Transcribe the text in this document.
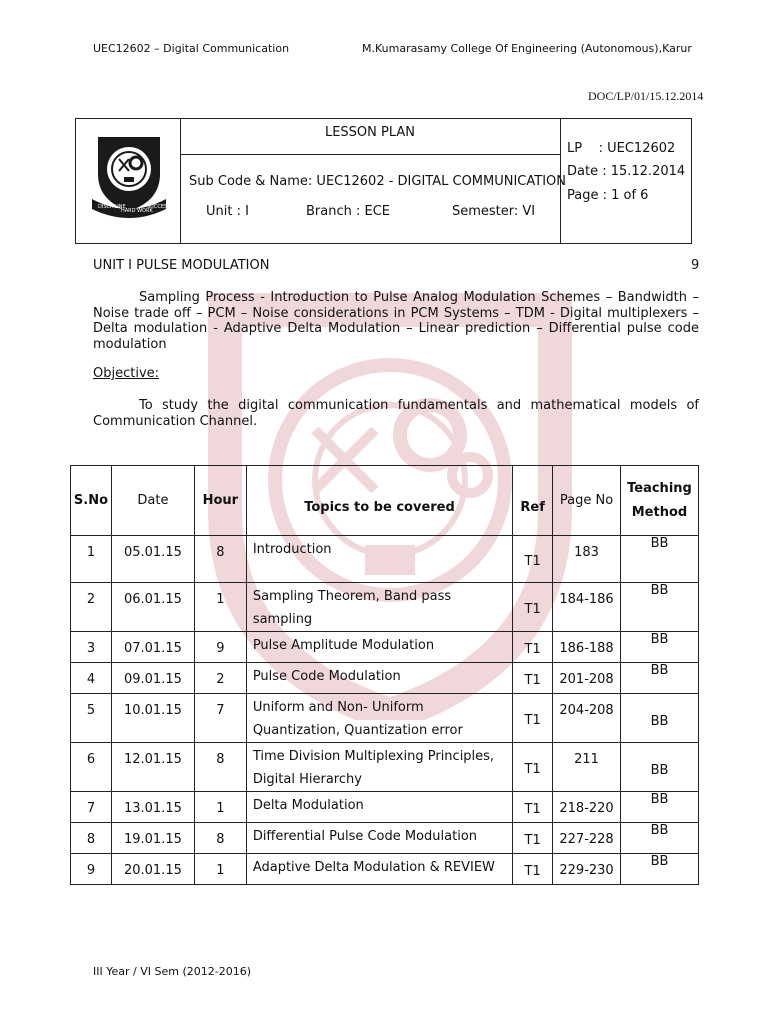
UEC12602 – Digital Communication	M.Kumarasamy College Of Engineering (Autonomous),Karur
DOC/LP/01/15.12.2014
DISCIPLINE
HARD WORK
SUCCESS
LESSON PLAN
Sub Code & Name: UEC12602 - DIGITAL COMMUNICATION
Unit : I	Branch : ECE	Semester: VI
LP    : UEC12602
Date : 15.12.2014
Page : 1 of 6
UNIT I PULSE MODULATION	9
Sampling Process - Introduction to Pulse Analog Modulation Schemes – Bandwidth – Noise trade off – PCM – Noise considerations in PCM Systems – TDM - Digital multiplexers – Delta modulation - Adaptive Delta Modulation – Linear prediction – Differential pulse code modulation
Objective:
To study the digital communication fundamentals and mathematical models of Communication Channel.
S.No	Date	Hour	Topics to be covered	Ref	Page No	Teaching
Method
1	05.01.15	8	Introduction	T1	183	BB
2	06.01.15	1	Sampling Theorem, Band pass sampling	T1	184-186	BB
3	07.01.15	9	Pulse Amplitude Modulation	T1	186-188	BB
4	09.01.15	2	Pulse Code Modulation	T1	201-208	BB
5	10.01.15	7	Uniform and Non- Uniform Quantization, Quantization error	T1	204-208	BB
6	12.01.15	8	Time Division Multiplexing Principles, Digital Hierarchy	T1	211	BB
7	13.01.15	1	Delta Modulation	T1	218-220	BB
8	19.01.15	8	Differential Pulse Code Modulation	T1	227-228	BB
9	20.01.15	1	Adaptive Delta Modulation & REVIEW	T1	229-230	BB
III Year / VI Sem (2012-2016)
